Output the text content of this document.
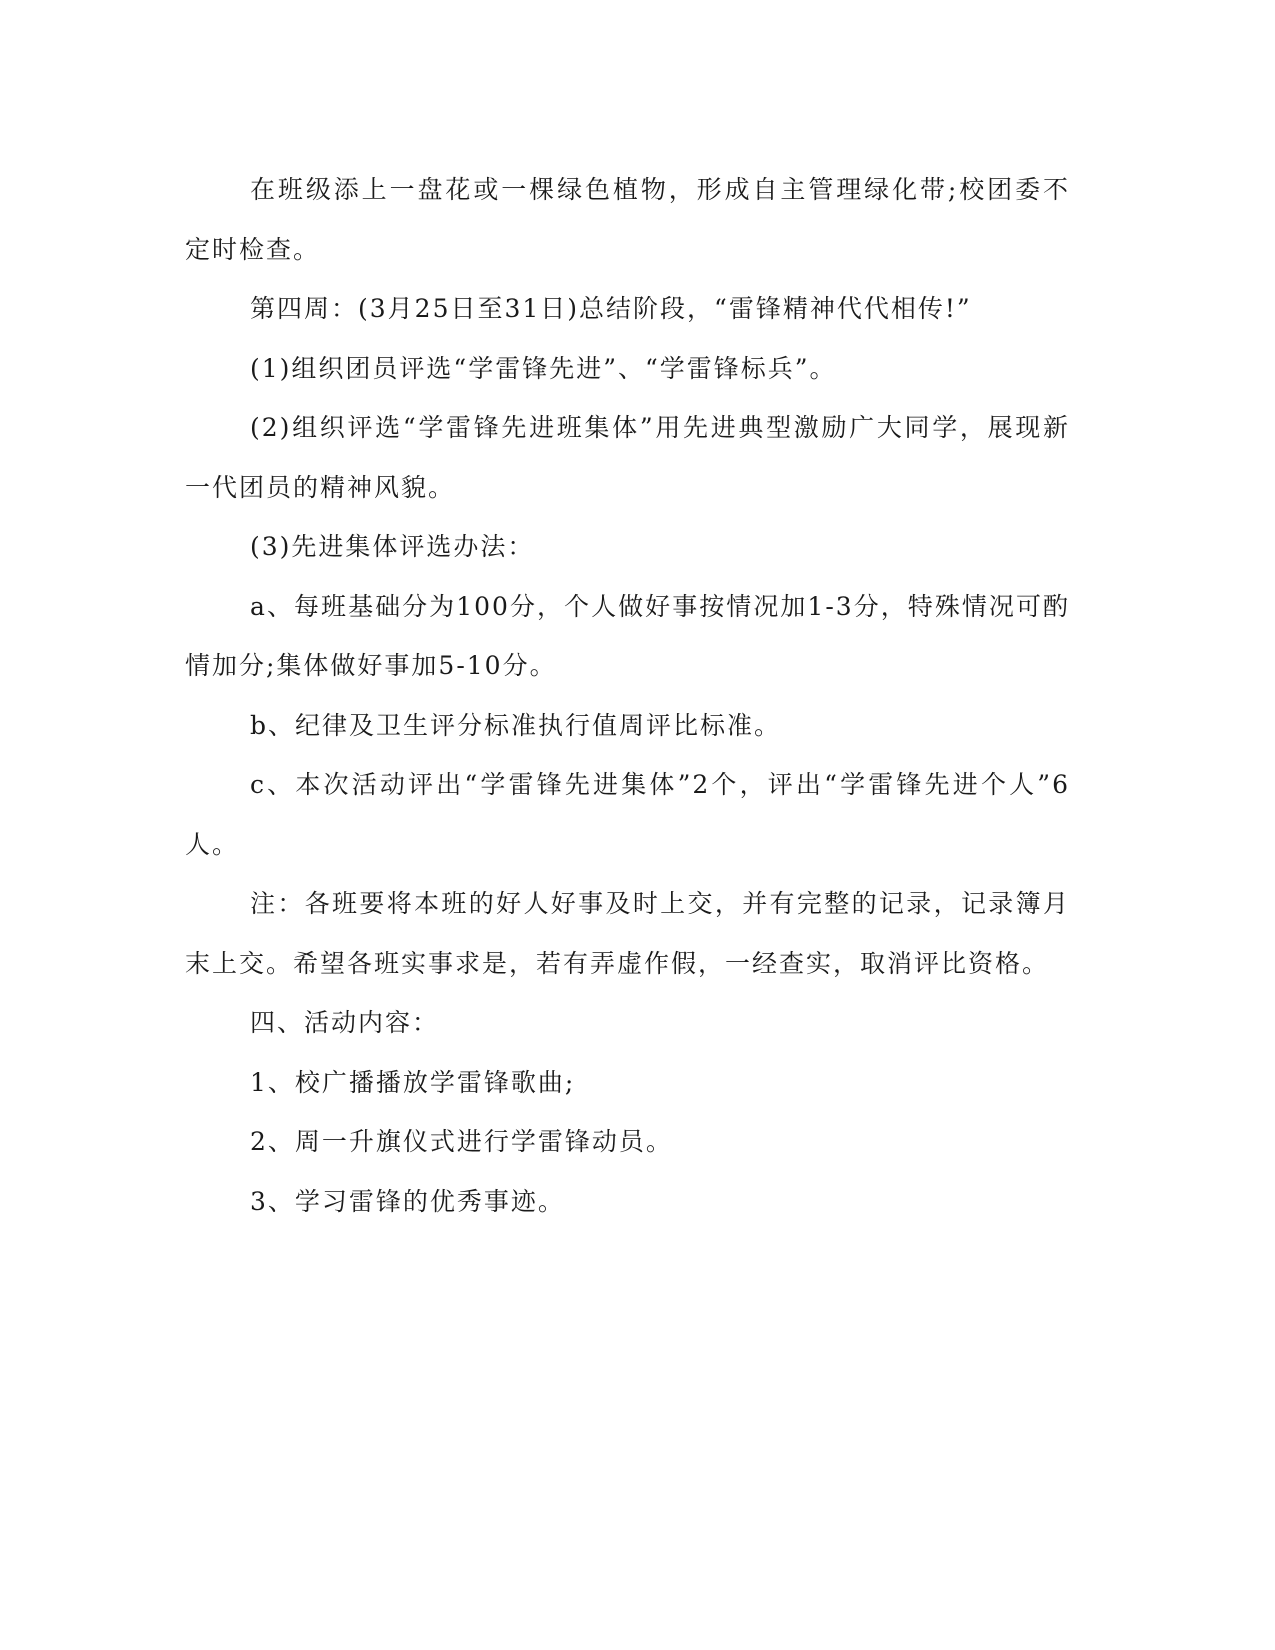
在班级添上一盘花或一棵绿色植物，形成自主管理绿化带;校团委不定时检查。

第四周：(3月25日至31日)总结阶段，“雷锋精神代代相传!”

(1)组织团员评选“学雷锋先进”、“学雷锋标兵”。

(2)组织评选“学雷锋先进班集体”用先进典型激励广大同学，展现新一代团员的精神风貌。

(3)先进集体评选办法：

a、每班基础分为100分，个人做好事按情况加1-3分，特殊情况可酌情加分;集体做好事加5-10分。

b、纪律及卫生评分标准执行值周评比标准。

c、本次活动评出“学雷锋先进集体”2个，评出“学雷锋先进个人”6人。

注：各班要将本班的好人好事及时上交，并有完整的记录，记录簿月末上交。希望各班实事求是，若有弄虚作假，一经查实，取消评比资格。

四、活动内容：

1、校广播播放学雷锋歌曲;

2、周一升旗仪式进行学雷锋动员。

3、学习雷锋的优秀事迹。
